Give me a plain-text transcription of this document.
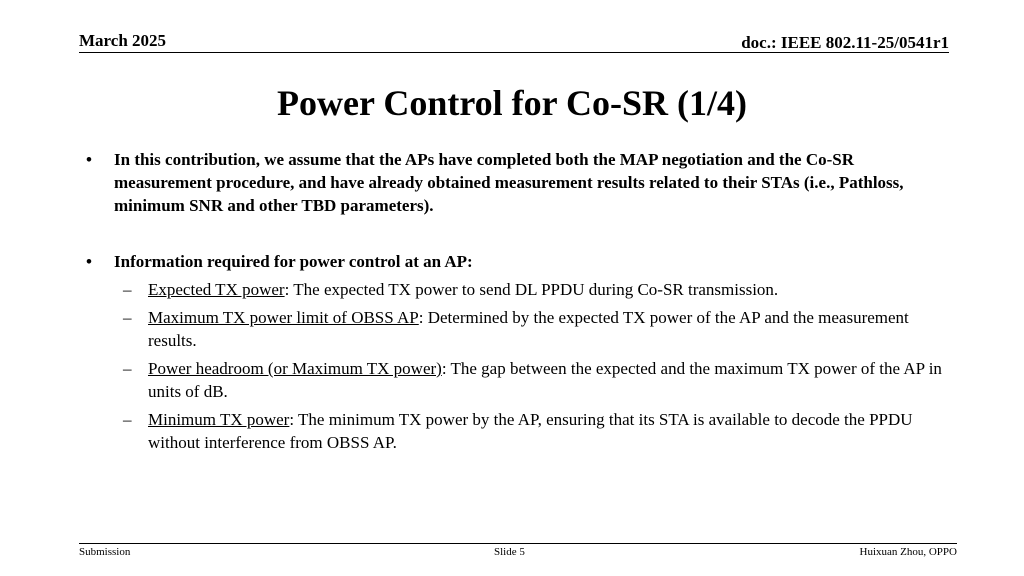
March 2025	doc.: IEEE 802.11-25/0541r1
Power Control for Co-SR (1/4)
• In this contribution, we assume that the APs have completed both the MAP negotiation and the Co-SR measurement procedure, and have already obtained measurement results related to their STAs (i.e., Pathloss, minimum SNR and other TBD parameters).
• Information required for power control at an AP:
– Expected TX power: The expected TX power to send DL PPDU during Co-SR transmission.
– Maximum TX power limit of OBSS AP: Determined by the expected TX power of the AP and the measurement results.
– Power headroom (or Maximum TX power): The gap between the expected and the maximum TX power of the AP in units of dB.
– Minimum TX power: The minimum TX power by the AP, ensuring that its STA is available to decode the PPDU without interference from OBSS AP.
Submission	Slide 5	Huixuan Zhou, OPPO
